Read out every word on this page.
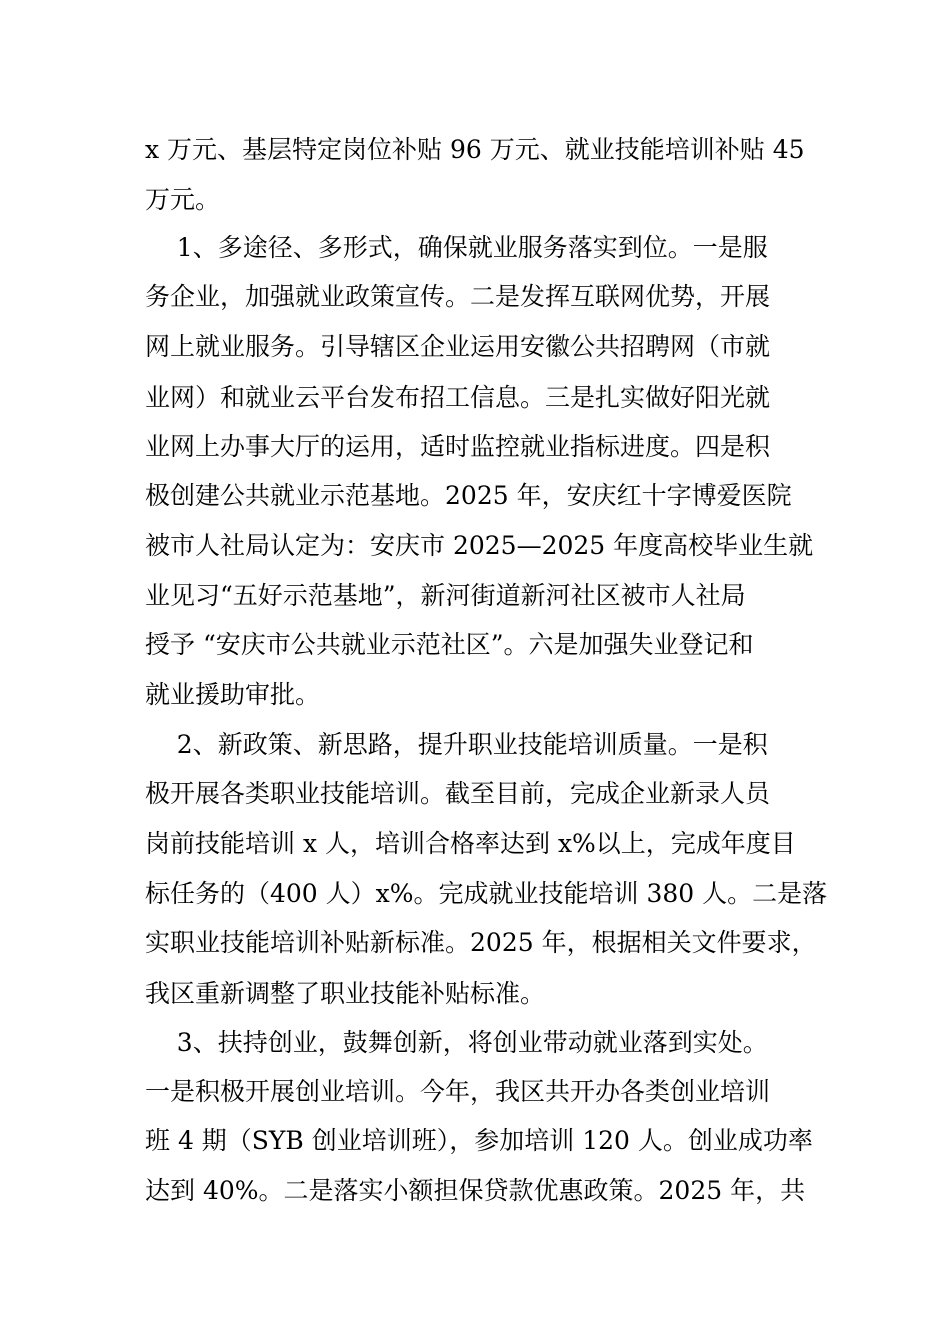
x 万元、基层特定岗位补贴 96 万元、就业技能培训补贴 45
万元。
1、多途径、多形式，确保就业服务落实到位。一是服
务企业，加强就业政策宣传。二是发挥互联网优势，开展
网上就业服务。引导辖区企业运用安徽公共招聘网（市就
业网）和就业云平台发布招工信息。三是扎实做好阳光就
业网上办事大厅的运用，适时监控就业指标进度。四是积
极创建公共就业示范基地。2025 年，安庆红十字博爱医院
被市人社局认定为：安庆市 2025—2025 年度高校毕业生就
业见习“五好示范基地”，新河街道新河社区被市人社局
授予 “安庆市公共就业示范社区”。六是加强失业登记和
就业援助审批。
2、新政策、新思路，提升职业技能培训质量。一是积
极开展各类职业技能培训。截至目前，完成企业新录人员
岗前技能培训 x 人，培训合格率达到 x%以上，完成年度目
标任务的（400 人）x%。完成就业技能培训 380 人。二是落
实职业技能培训补贴新标准。2025 年，根据相关文件要求，
我区重新调整了职业技能补贴标准。
3、扶持创业，鼓舞创新，将创业带动就业落到实处。
一是积极开展创业培训。今年，我区共开办各类创业培训
班 4 期（SYB 创业培训班），参加培训 120 人。创业成功率
达到 40%。二是落实小额担保贷款优惠政策。2025 年，共
